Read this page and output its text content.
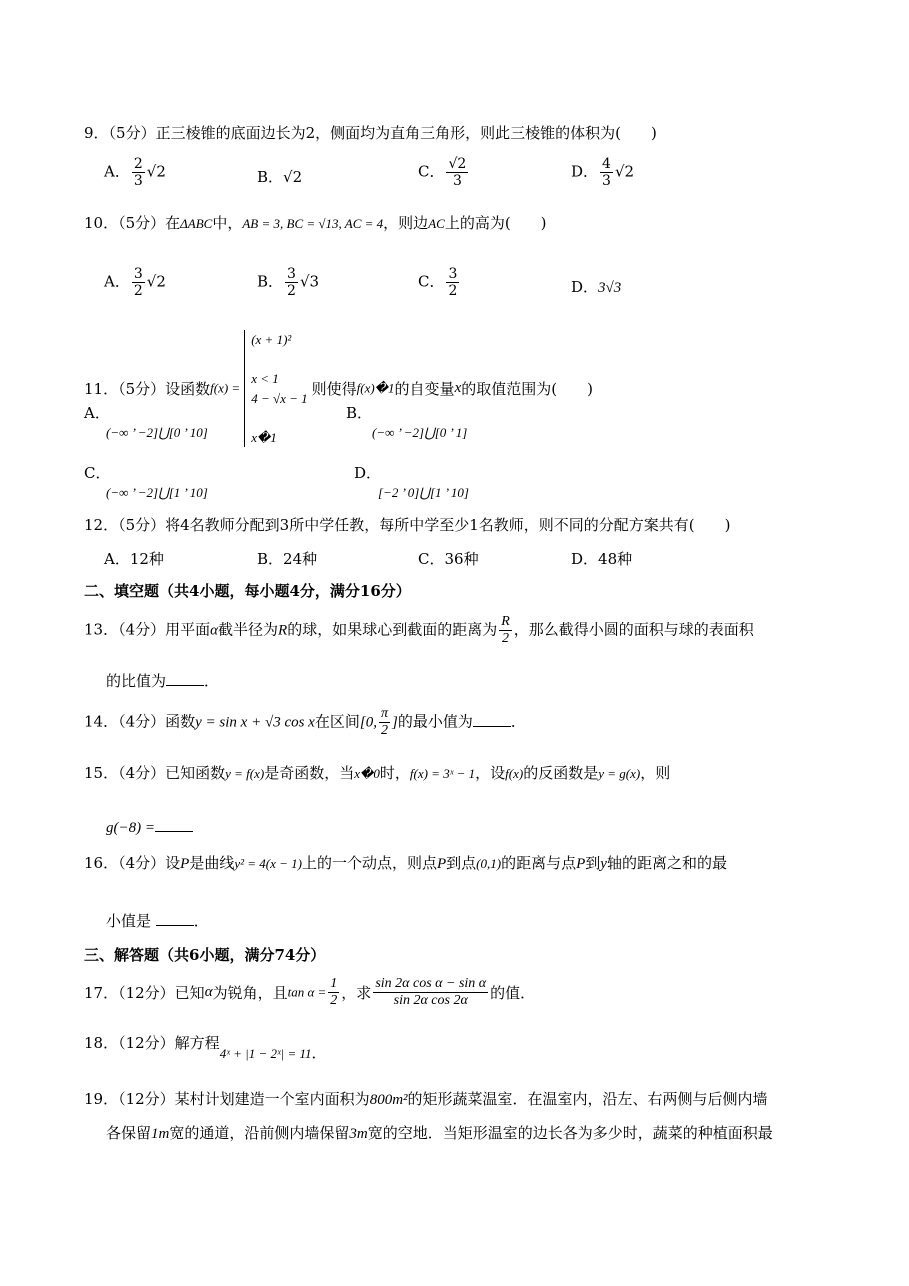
9．（5分）正三棱锥的底面边长为2，侧面均为直角三角形，则此三棱锥的体积为(　　)
A． $\frac{2}{3} √2$	B．√2	C． $\frac{√2}{3}$	D． $\frac{4}{3} √2$
10．（5分）在ΔABC中，AB = 3, BC = √13, AC = 4，则边AC上的高为(　　)
A． $\frac{3}{2} √2$	B． $\frac{3}{2} √3$	C． $\frac{3}{2}$	D．3√3
11．（5分）设函数f(x) =
(x + 1)²

x < 1
4 − √x − 1

x�1
则使得f(x)�1的自变量x的取值范围为(　　)
A．
(−∞ ’ −2]⋃[0 ’ 10]
B．
(−∞ ’ −2]⋃[0 ’ 1]
C．
(−∞ ’ −2]⋃[1 ’ 10]
D．
[−2 ’ 0]⋃[1 ’ 10]
12．（5分）将4名教师分配到3所中学任教，每所中学至少1名教师，则不同的分配方案共有(　　)
A．12种	B．24种	C．36种	D．48种
二、填空题（共4小题，每小题4分，满分16分）
13．（4分）用平面α截半径为R的球，如果球心到截面的距离为 $\frac{R}{2}$ ，那么截得小圆的面积与球的表面积
的比值为	．
14．（4分）函数y = sin x + √3 cos x在区间[0, $\frac{\pi}{2}$ ]的最小值为	．
15．（4分）已知函数y = f(x)是奇函数，当x�0时，f(x) = 3ˣ − 1，设f(x)的反函数是y = g(x)，则
g(−8) =
16．（4分）设P是曲线y² = 4(x − 1)上的一个动点，则点P到点(0,1)的距离与点P到y轴的距离之和的最
小值是	．
三、解答题（共6小题，满分74分）
17．（12分）已知α为锐角，且$\tan \alpha = \frac{1}{2}$ ，求 $\frac{\text{sin 2α cos α − sin α}}{\text{sin 2α cos 2α}}$ 的值．
18．（12分）解方程4ˣ + |1 − 2ˣ| = 11．
19．（12分）某村计划建造一个室内面积为800m²的矩形蔬菜温室．在温室内，沿左、右两侧与后侧内墙
各保留1m宽的通道，沿前侧内墙保留3m宽的空地．当矩形温室的边长各为多少时，蔬菜的种植面积最
